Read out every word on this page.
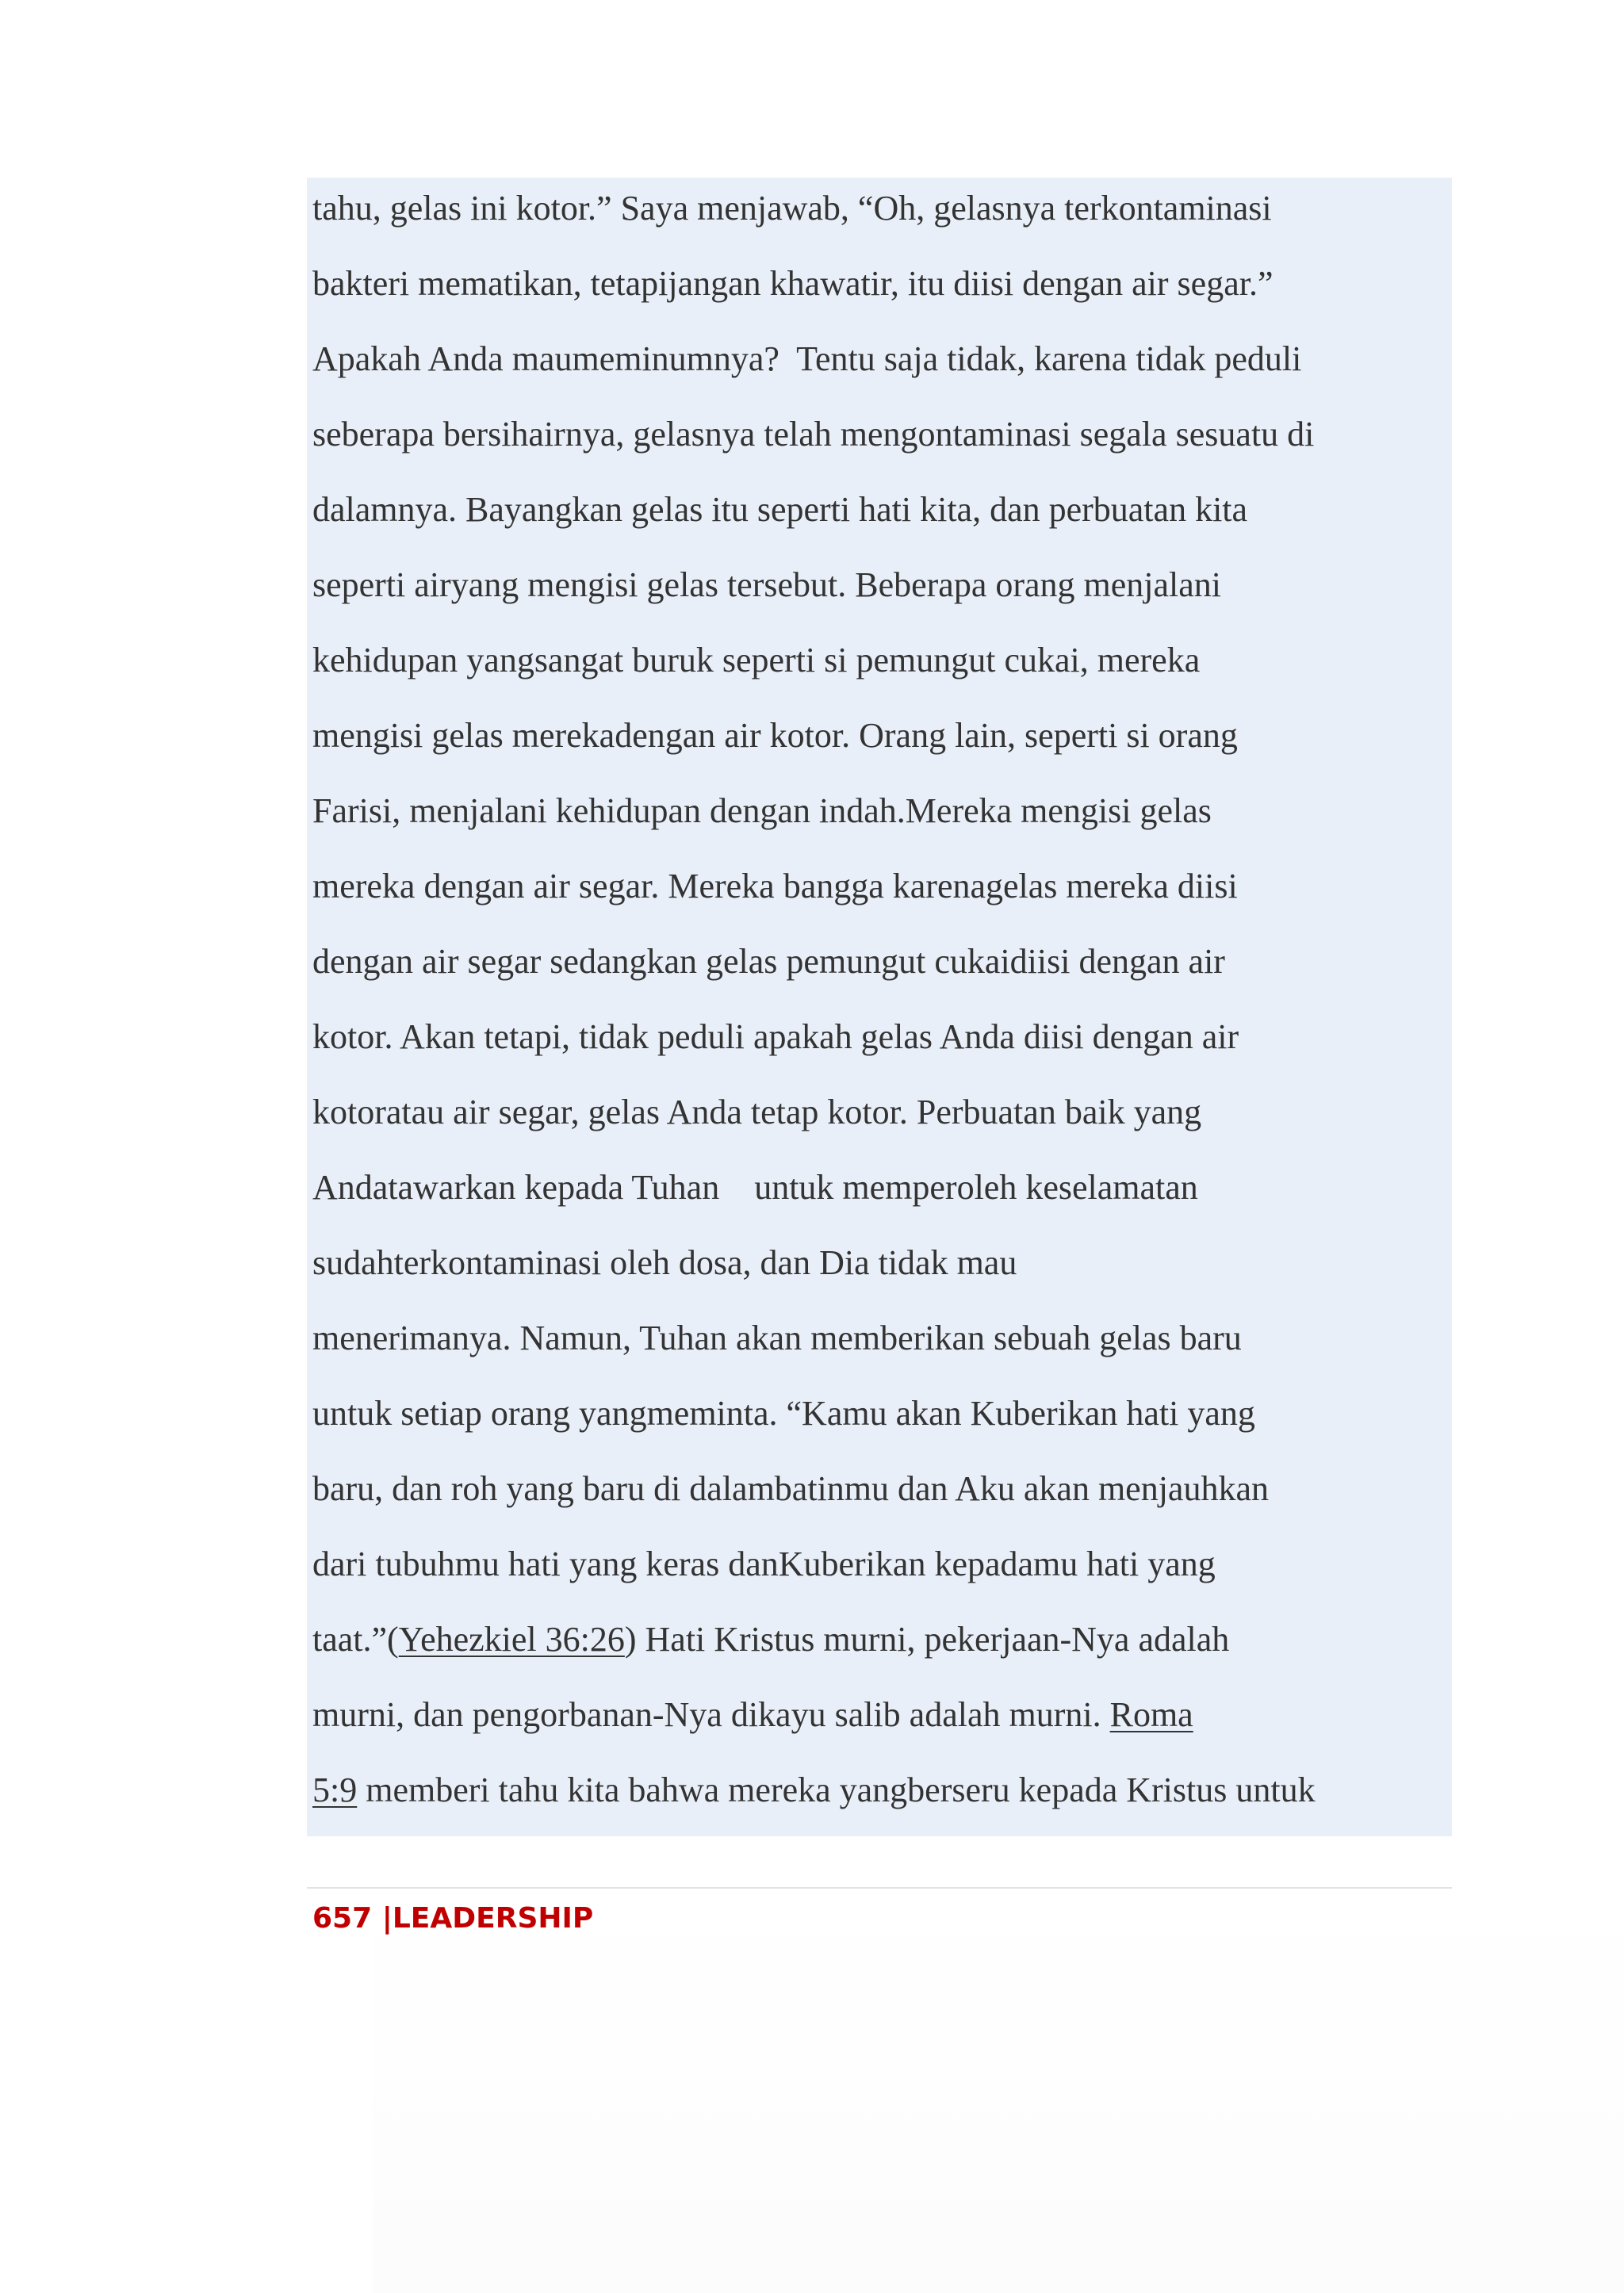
tahu, gelas ini kotor.” Saya menjawab, “Oh, gelasnya terkontaminasi
bakteri mematikan, tetapijangan khawatir, itu diisi dengan air segar.”
Apakah Anda maumeminumnya?  Tentu saja tidak, karena tidak peduli
seberapa bersihairnya, gelasnya telah mengontaminasi segala sesuatu di
dalamnya. Bayangkan gelas itu seperti hati kita, dan perbuatan kita
seperti airyang mengisi gelas tersebut. Beberapa orang menjalani
kehidupan yangsangat buruk seperti si pemungut cukai, mereka
mengisi gelas merekadengan air kotor. Orang lain, seperti si orang
Farisi, menjalani kehidupan dengan indah.Mereka mengisi gelas
mereka dengan air segar. Mereka bangga karenagelas mereka diisi
dengan air segar sedangkan gelas pemungut cukaidiisi dengan air
kotor. Akan tetapi, tidak peduli apakah gelas Anda diisi dengan air
kotoratau air segar, gelas Anda tetap kotor. Perbuatan baik yang
Andatawarkan kepada Tuhan    untuk memperoleh keselamatan
sudahterkontaminasi oleh dosa, dan Dia tidak mau
menerimanya. Namun, Tuhan akan memberikan sebuah gelas baru
untuk setiap orang yangmeminta. “Kamu akan Kuberikan hati yang
baru, dan roh yang baru di dalambatinmu dan Aku akan menjauhkan
dari tubuhmu hati yang keras danKuberikan kepadamu hati yang
taat.”(Yehezkiel 36:26) Hati Kristus murni, pekerjaan-Nya adalah
murni, dan pengorbanan-Nya dikayu salib adalah murni. Roma
5:9 memberi tahu kita bahwa mereka yangberseru kepada Kristus untuk
657 |LEADERSHIP
